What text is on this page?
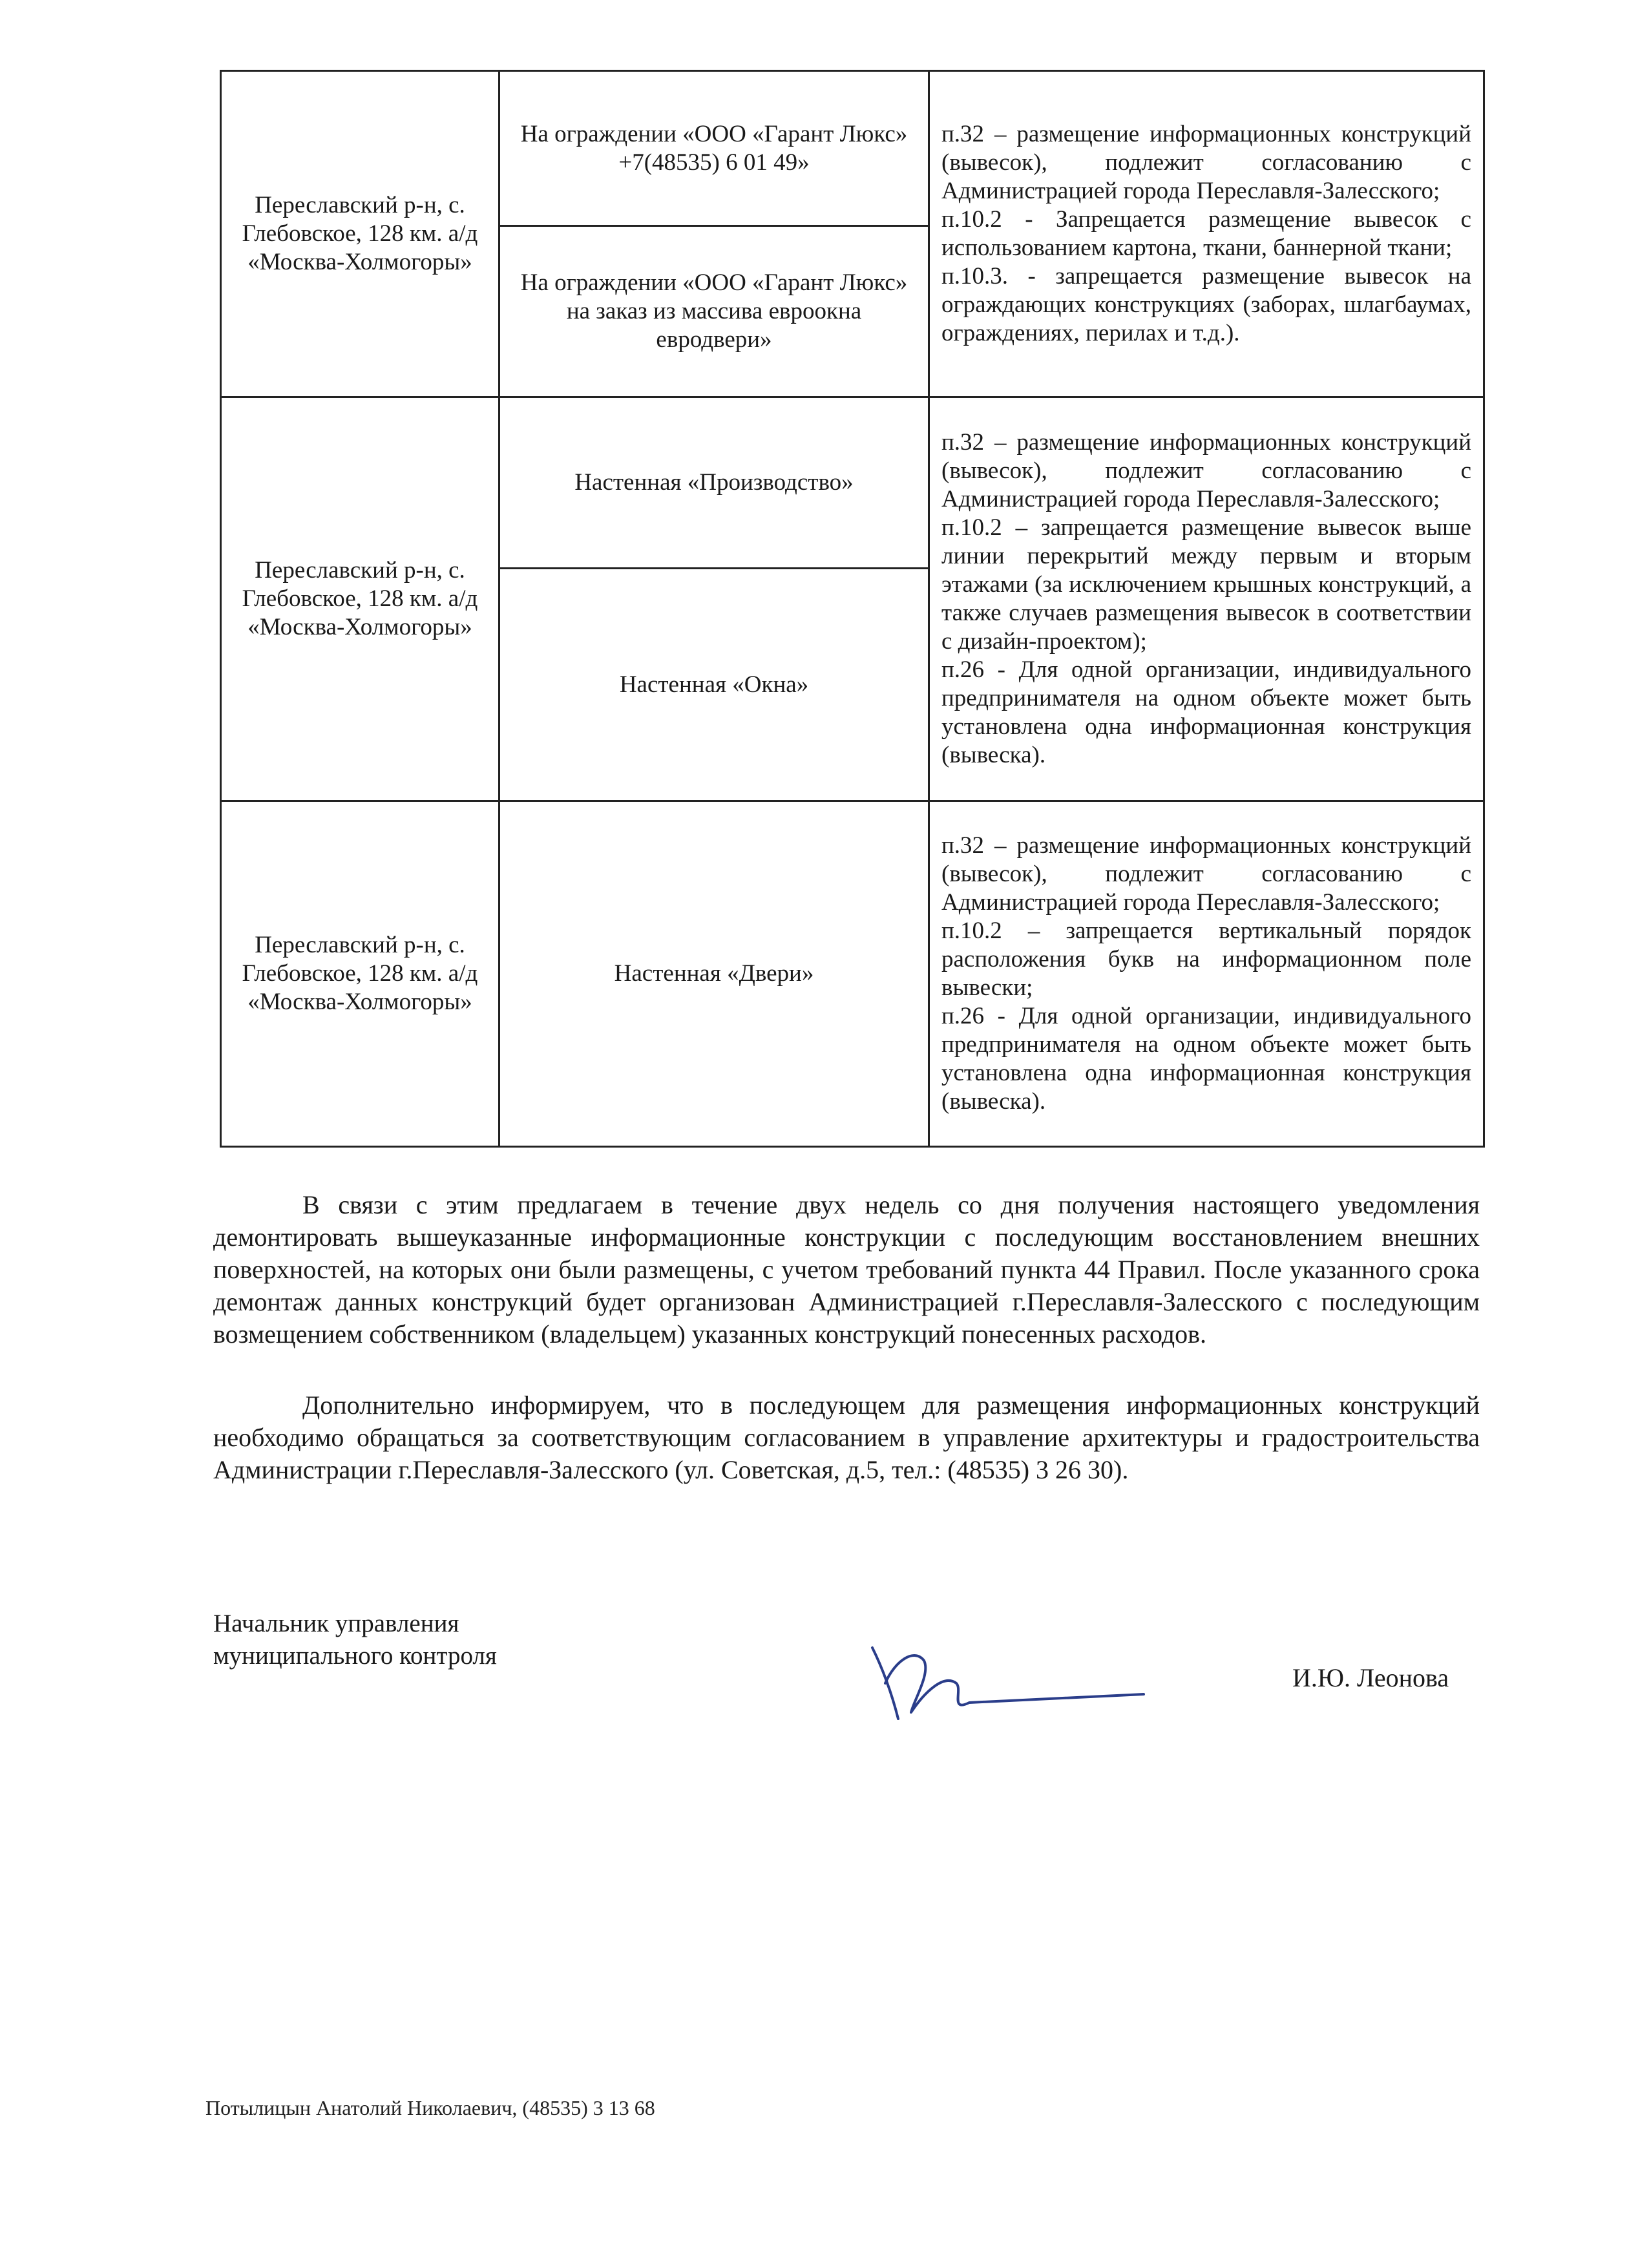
Переславский р-н, с. Глебовское, 128 км. а/д «Москва-Холмогоры»	На ограждении «ООО «Гарант Люкс» +7(48535) 6 01 49»	п.32 – размещение информационных конструкций (вывесок), подлежит согласованию с Администрацией города Переславля-Залесского;
п.10.2 - Запрещается размещение вывесок с использованием картона, ткани, баннерной ткани;
п.10.3. - запрещается размещение вывесок на ограждающих конструкциях (заборах, шлагбаумах, ограждениях, перилах и т.д.).

	На ограждении «ООО «Гарант Люкс» на заказ из массива евроокна евродвери»	
Переславский р-н, с. Глебовское, 128 км. а/д «Москва-Холмогоры»	Настенная «Производство»	п.32 – размещение информационных конструкций (вывесок), подлежит согласованию с Администрацией города Переславля-Залесского;
п.10.2 – запрещается размещение вывесок выше линии перекрытий между первым и вторым этажами (за исключением крышных конструкций, а также случаев размещения вывесок в соответствии с дизайн-проектом);
п.26 - Для одной организации, индивидуального предпринимателя на одном объекте может быть установлена одна информационная конструкция (вывеска).

	Настенная «Окна»	
Переславский р-н, с. Глебовское, 128 км. а/д «Москва-Холмогоры»	Настенная «Двери»	п.32 – размещение информационных конструкций (вывесок), подлежит согласованию с Администрацией города Переславля-Залесского;
п.10.2 – запрещается вертикальный порядок расположения букв на информационном поле вывески;
п.26 - Для одной организации, индивидуального предпринимателя на одном объекте может быть установлена одна информационная конструкция (вывеска).

В связи с этим предлагаем в течение двух недель со дня получения настоящего уведомления демонтировать вышеуказанные информационные конструкции с последующим восстановлением внешних поверхностей, на которых они были размещены, с учетом требований пункта 44 Правил. После указанного срока демонтаж данных конструкций будет организован Администрацией г.Переславля-Залесского с последующим возмещением собственником (владельцем) указанных конструкций понесенных расходов.

Дополнительно информируем, что в последующем для размещения информационных конструкций необходимо обращаться за соответствующим согласованием в управление архитектуры и градостроительства Администрации г.Переславля-Залесского (ул. Советская, д.5, тел.: (48535) 3 26 30).

Начальник управления
муниципального контроля
И.Ю. Леонова
Потылицын Анатолий Николаевич, (48535) 3 13 68
